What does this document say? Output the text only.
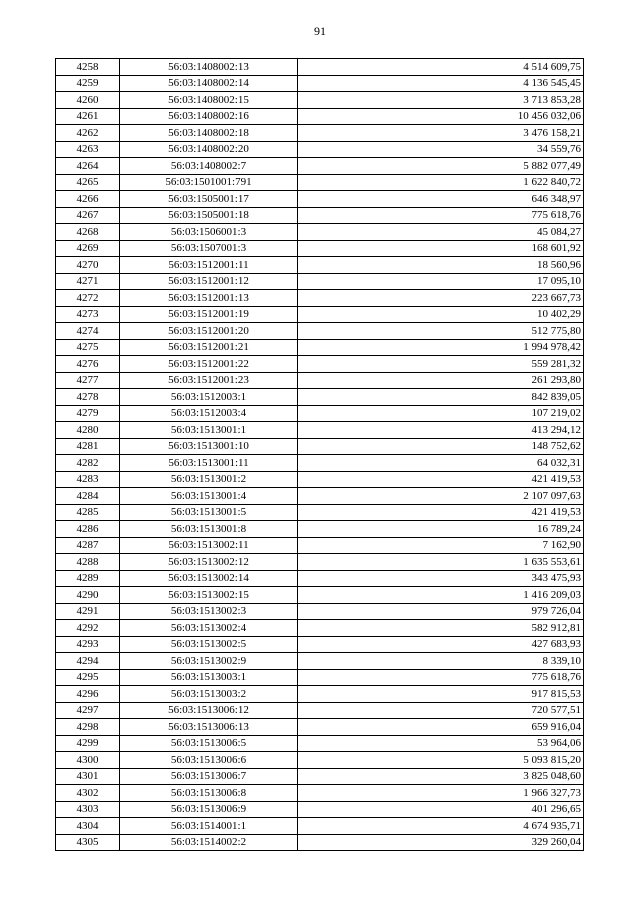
91
4258	56:03:1408002:13	4 514 609,75
4259	56:03:1408002:14	4 136 545,45
4260	56:03:1408002:15	3 713 853,28
4261	56:03:1408002:16	10 456 032,06
4262	56:03:1408002:18	3 476 158,21
4263	56:03:1408002:20	34 559,76
4264	56:03:1408002:7	5 882 077,49
4265	56:03:1501001:791	1 622 840,72
4266	56:03:1505001:17	646 348,97
4267	56:03:1505001:18	775 618,76
4268	56:03:1506001:3	45 084,27
4269	56:03:1507001:3	168 601,92
4270	56:03:1512001:11	18 560,96
4271	56:03:1512001:12	17 095,10
4272	56:03:1512001:13	223 667,73
4273	56:03:1512001:19	10 402,29
4274	56:03:1512001:20	512 775,80
4275	56:03:1512001:21	1 994 978,42
4276	56:03:1512001:22	559 281,32
4277	56:03:1512001:23	261 293,80
4278	56:03:1512003:1	842 839,05
4279	56:03:1512003:4	107 219,02
4280	56:03:1513001:1	413 294,12
4281	56:03:1513001:10	148 752,62
4282	56:03:1513001:11	64 032,31
4283	56:03:1513001:2	421 419,53
4284	56:03:1513001:4	2 107 097,63
4285	56:03:1513001:5	421 419,53
4286	56:03:1513001:8	16 789,24
4287	56:03:1513002:11	7 162,90
4288	56:03:1513002:12	1 635 553,61
4289	56:03:1513002:14	343 475,93
4290	56:03:1513002:15	1 416 209,03
4291	56:03:1513002:3	979 726,04
4292	56:03:1513002:4	582 912,81
4293	56:03:1513002:5	427 683,93
4294	56:03:1513002:9	8 339,10
4295	56:03:1513003:1	775 618,76
4296	56:03:1513003:2	917 815,53
4297	56:03:1513006:12	720 577,51
4298	56:03:1513006:13	659 916,04
4299	56:03:1513006:5	53 964,06
4300	56:03:1513006:6	5 093 815,20
4301	56:03:1513006:7	3 825 048,60
4302	56:03:1513006:8	1 966 327,73
4303	56:03:1513006:9	401 296,65
4304	56:03:1514001:1	4 674 935,71
4305	56:03:1514002:2	329 260,04
